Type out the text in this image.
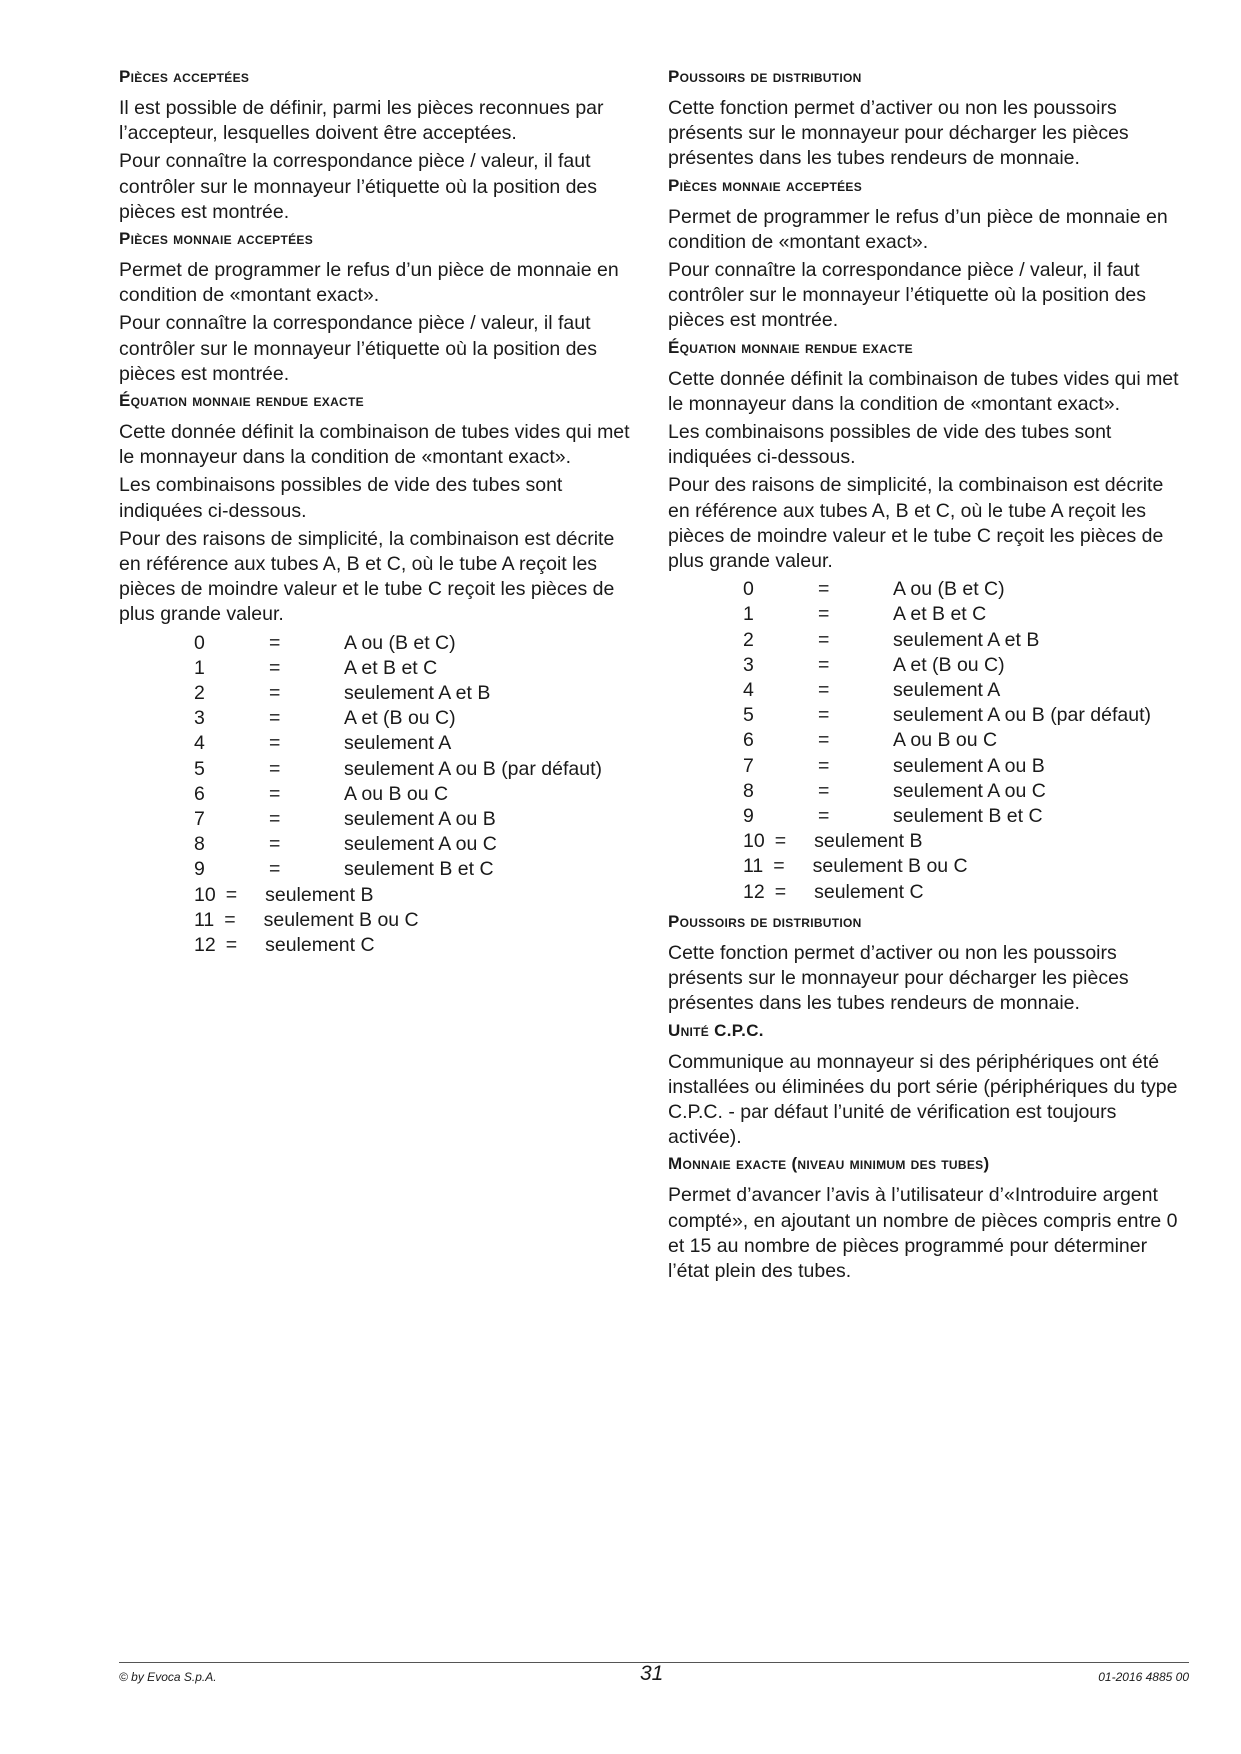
Pièces acceptées

Il est possible de définir, parmi les pièces reconnues par l’accepteur, lesquelles doivent être acceptées.

Pour connaître la correspondance pièce / valeur, il faut contrôler sur le monnayeur l’étiquette où la position des pièces est montrée.

Pièces monnaie acceptées

Permet de programmer le refus d’un pièce de monnaie en condition de «montant exact».

Pour connaître la correspondance pièce / valeur, il faut contrôler sur le monnayeur l’étiquette où la position des pièces est montrée.

Équation monnaie rendue exacte

Cette donnée définit la combinaison de tubes vides qui met le monnayeur dans la condition de «montant exact».

Les combinaisons possibles de vide des tubes sont indiquées ci-dessous.

Pour des raisons de simplicité, la combinaison est décrite en référence aux tubes A, B et C, où le tube A reçoit les pièces de moindre valeur et le tube C reçoit les pièces de plus grande valeur.

0	=	A ou (B et C)
1	=	A et B et C
2	=	seulement A et B
3	=	A et (B ou C)
4	=	seulement A
5	=	seulement A ou B (par défaut)
6	=	A ou B ou C
7	=	seulement A ou B
8	=	seulement A ou C
9	=	seulement B et C
10 = seulement B
11 = seulement B ou C
12 = seulement C
Poussoirs de distribution

Cette fonction permet d’activer ou non les poussoirs présents sur le monnayeur pour décharger les pièces présentes dans les tubes rendeurs de monnaie.

Pièces monnaie acceptées

Permet de programmer le refus d’un pièce de monnaie en condition de «montant exact».

Pour connaître la correspondance pièce / valeur, il faut contrôler sur le monnayeur l’étiquette où la position des pièces est montrée.

Équation monnaie rendue exacte

Cette donnée définit la combinaison de tubes vides qui met le monnayeur dans la condition de «montant exact».

Les combinaisons possibles de vide des tubes sont indiquées ci-dessous.

Pour des raisons de simplicité, la combinaison est décrite en référence aux tubes A, B et C, où le tube A reçoit les pièces de moindre valeur et le tube C reçoit les pièces de plus grande valeur.

0	=	A ou (B et C)
1	=	A et B et C
2	=	seulement A et B
3	=	A et (B ou C)
4	=	seulement A
5	=	seulement A ou B (par défaut)
6	=	A ou B ou C
7	=	seulement A ou B
8	=	seulement A ou C
9	=	seulement B et C
10 = seulement B
11 = seulement B ou C
12 = seulement C
Poussoirs de distribution

Cette fonction permet d’activer ou non les poussoirs présents sur le monnayeur pour décharger les pièces présentes dans les tubes rendeurs de monnaie.

Unité C.P.C.

Communique au monnayeur si des périphériques ont été installées ou éliminées du port série (périphériques du type C.P.C. - par défaut l’unité de vérification est toujours activée).

Monnaie exacte (niveau minimum des tubes)

Permet d’avancer l’avis à l’utilisateur d’«Introduire argent compté», en ajoutant un nombre de pièces compris entre 0 et 15 au nombre de pièces programmé pour déterminer l’état plein des tubes.

© by Evoca S.p.A.	31	01-2016 4885 00
